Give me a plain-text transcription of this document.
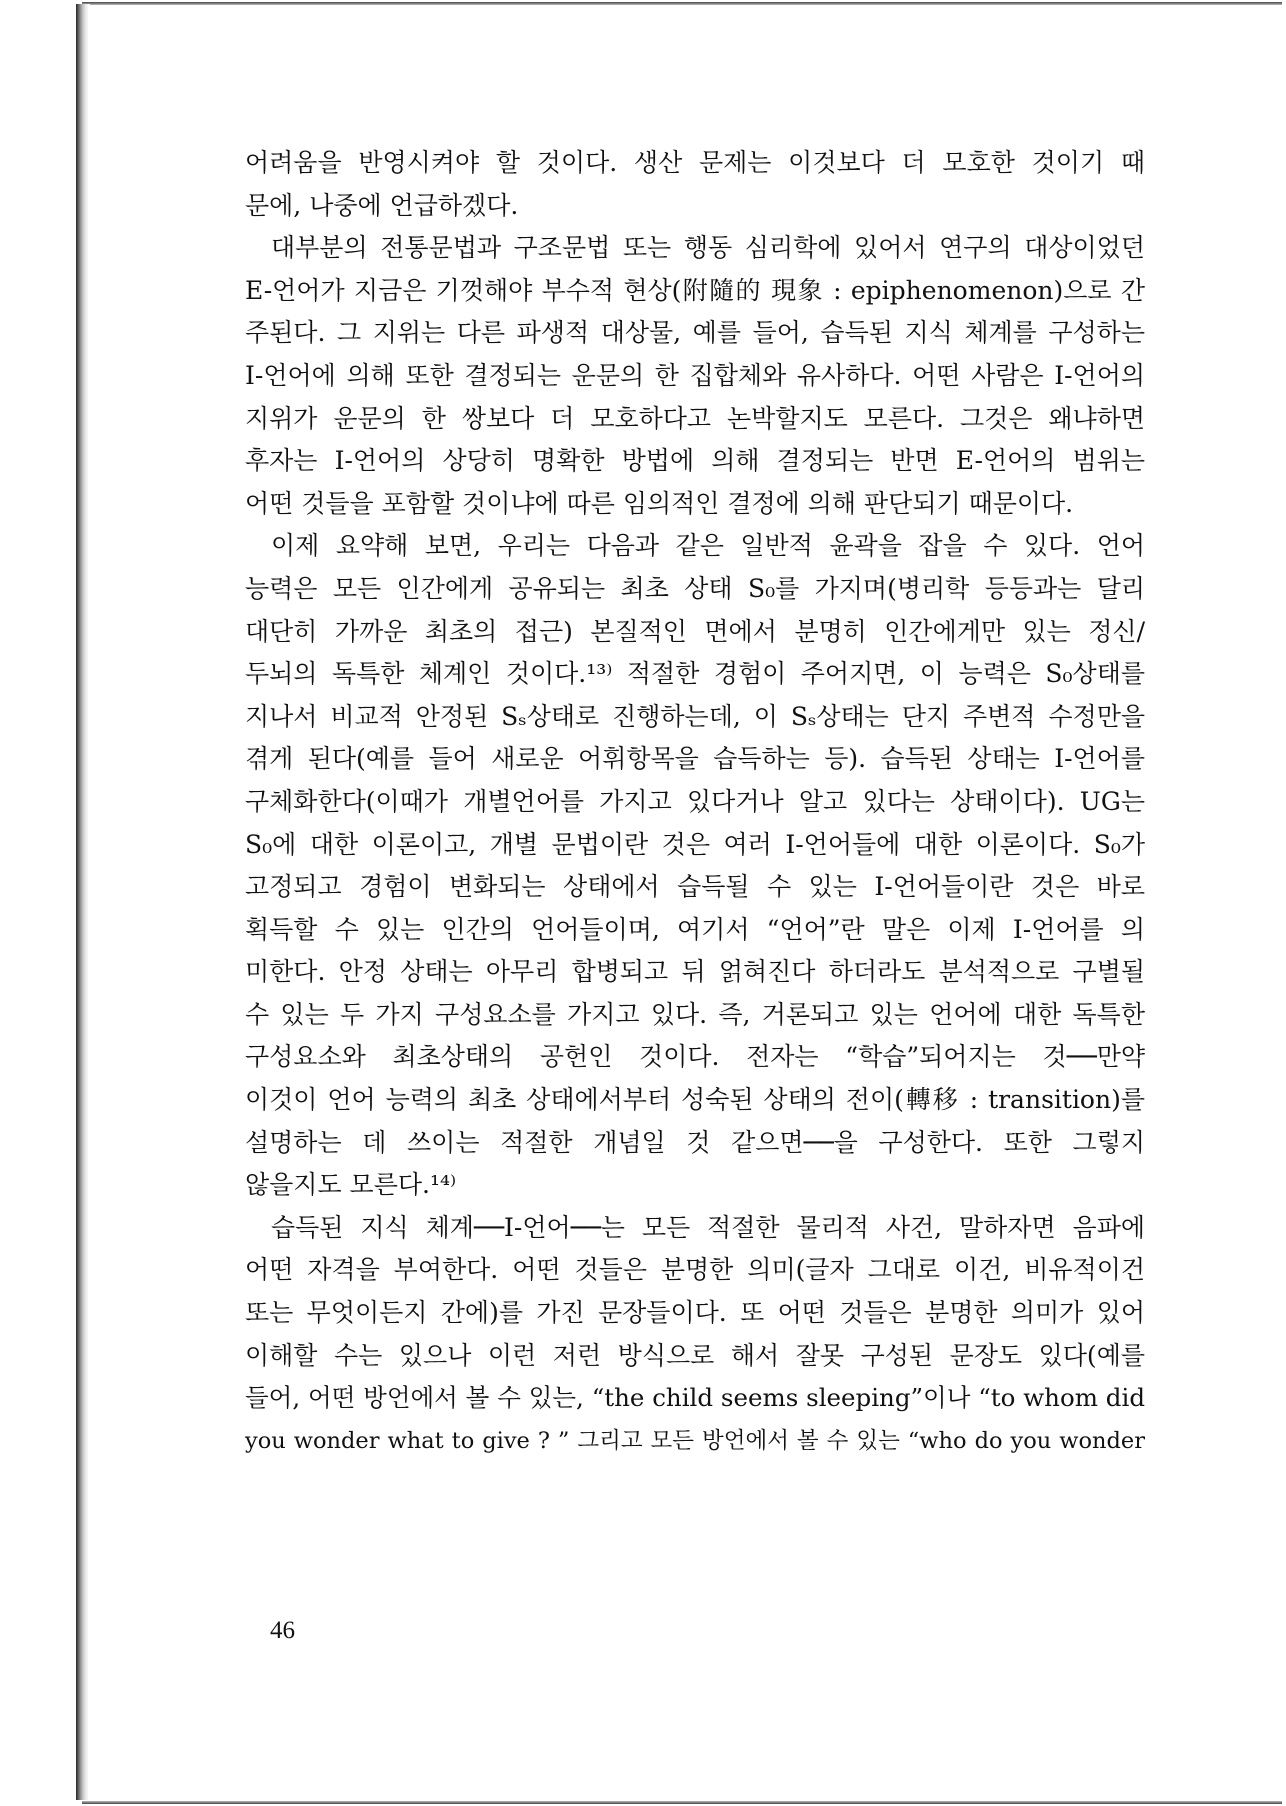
어려움을 반영시켜야 할 것이다. 생산 문제는 이것보다 더 모호한 것이기 때
문에, 나중에 언급하겠다.
대부분의 전통문법과 구조문법 또는 행동 심리학에 있어서 연구의 대상이었던
E-언어가 지금은 기껏해야 부수적 현상(附隨的 現象 : epiphenomenon)으로 간
주된다. 그 지위는 다른 파생적 대상물, 예를 들어, 습득된 지식 체계를 구성하는
I-언어에 의해 또한 결정되는 운문의 한 집합체와 유사하다. 어떤 사람은 I-언어의
지위가 운문의 한 쌍보다 더 모호하다고 논박할지도 모른다. 그것은 왜냐하면
후자는 I-언어의 상당히 명확한 방법에 의해 결정되는 반면 E-언어의 범위는
어떤 것들을 포함할 것이냐에 따른 임의적인 결정에 의해 판단되기 때문이다.
이제 요약해 보면, 우리는 다음과 같은 일반적 윤곽을 잡을 수 있다. 언어
능력은 모든 인간에게 공유되는 최초 상태 S₀를 가지며(병리학 등등과는 달리
대단히 가까운 최초의 접근) 본질적인 면에서 분명히 인간에게만 있는 정신/
두뇌의 독특한 체계인 것이다.¹³⁾ 적절한 경험이 주어지면, 이 능력은 S₀상태를
지나서 비교적 안정된 Sₛ상태로 진행하는데, 이 Sₛ상태는 단지 주변적 수정만을
겪게 된다(예를 들어 새로운 어휘항목을 습득하는 등). 습득된 상태는 I-언어를
구체화한다(이때가 개별언어를 가지고 있다거나 알고 있다는 상태이다). UG는
S₀에 대한 이론이고, 개별 문법이란 것은 여러 I-언어들에 대한 이론이다. S₀가
고정되고 경험이 변화되는 상태에서 습득될 수 있는 I-언어들이란 것은 바로
획득할 수 있는 인간의 언어들이며, 여기서 “언어”란 말은 이제 I-언어를 의
미한다. 안정 상태는 아무리 합병되고 뒤 얽혀진다 하더라도 분석적으로 구별될
수 있는 두 가지 구성요소를 가지고 있다. 즉, 거론되고 있는 언어에 대한 독특한
구성요소와 최초상태의 공헌인 것이다. 전자는 “학습”되어지는 것──만약
이것이 언어 능력의 최초 상태에서부터 성숙된 상태의 전이(轉移 : transition)를
설명하는 데 쓰이는 적절한 개념일 것 같으면──을 구성한다. 또한 그렇지
않을지도 모른다.¹⁴⁾
습득된 지식 체계──I-언어──는 모든 적절한 물리적 사건, 말하자면 음파에
어떤 자격을 부여한다. 어떤 것들은 분명한 의미(글자 그대로 이건, 비유적이건
또는 무엇이든지 간에)를 가진 문장들이다. 또 어떤 것들은 분명한 의미가 있어
이해할 수는 있으나 이런 저런 방식으로 해서 잘못 구성된 문장도 있다(예를
들어, 어떤 방언에서 볼 수 있는, “the child seems sleeping”이나 “to whom did
you wonder what to give ? ” 그리고 모든 방언에서 볼 수 있는 “who do you wonder
46
